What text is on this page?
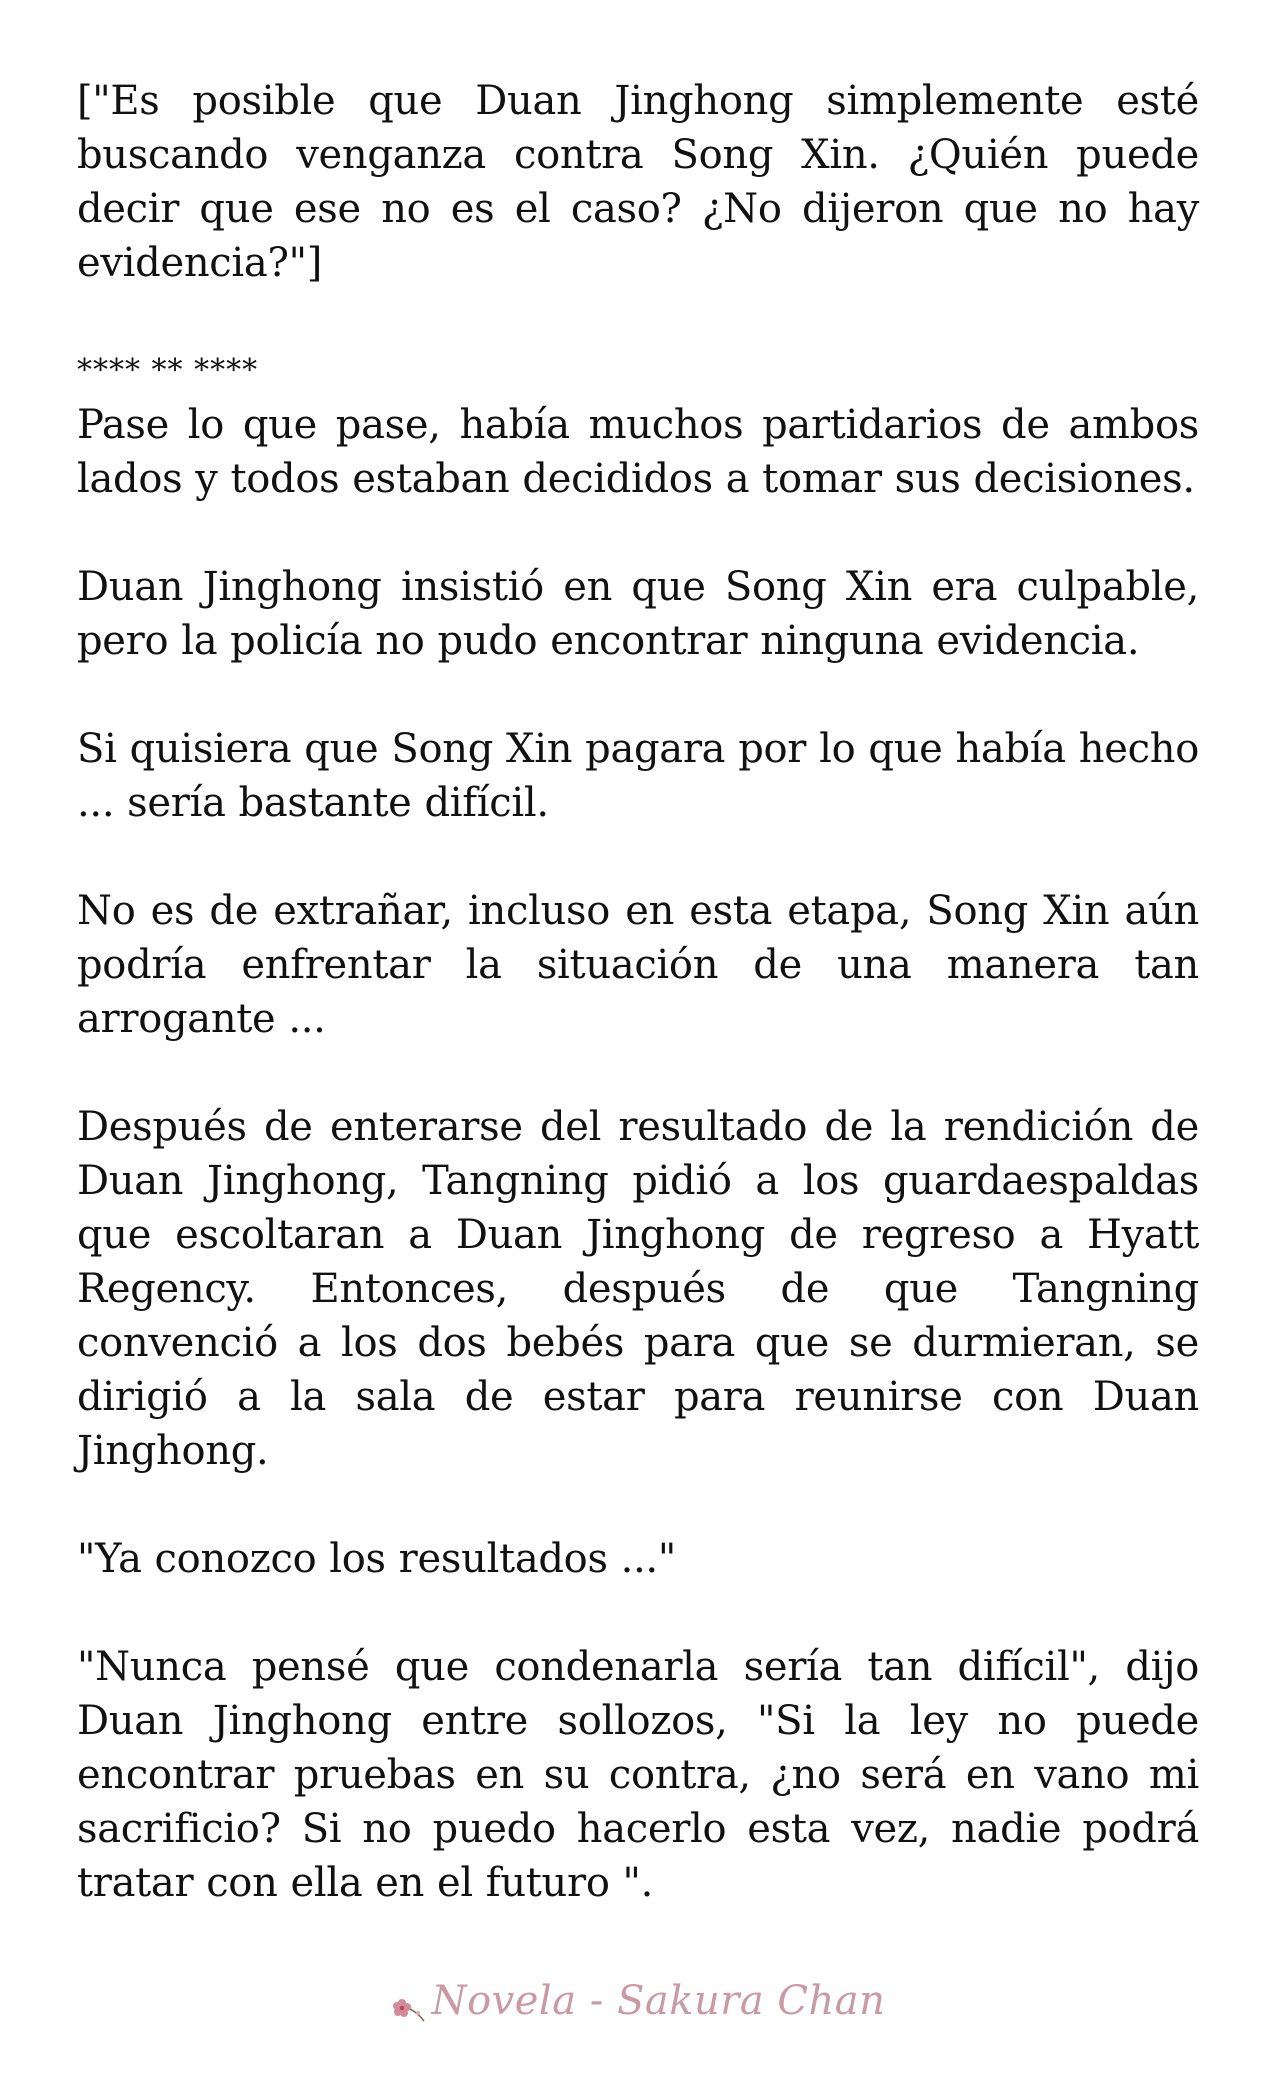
["Es posible que Duan Jinghong simplemente esté buscando venganza contra Song Xin. ¿Quién puede decir que ese no es el caso? ¿No dijeron que no hay evidencia?"]

**** ** ****

Pase lo que pase, había muchos partidarios de ambos lados y todos estaban decididos a tomar sus decisiones.

Duan Jinghong insistió en que Song Xin era culpable, pero la policía no pudo encontrar ninguna evidencia.

Si quisiera que Song Xin pagara por lo que había hecho ... sería bastante difícil.

No es de extrañar, incluso en esta etapa, Song Xin aún podría enfrentar la situación de una manera tan arrogante ...

Después de enterarse del resultado de la rendición de Duan Jinghong, Tangning pidió a los guardaespaldas que escoltaran a Duan Jinghong de regreso a Hyatt Regency. Entonces, después de que Tangning convenció a los dos bebés para que se durmieran, se dirigió a la sala de estar para reunirse con Duan Jinghong.

"Ya conozco los resultados ..."

"Nunca pensé que condenarla sería tan difícil", dijo Duan Jinghong entre sollozos, "Si la ley no puede encontrar pruebas en su contra, ¿no será en vano mi sacrificio? Si no puedo hacerlo esta vez, nadie podrá tratar con ella en el futuro ".

Novela - Sakura Chan
